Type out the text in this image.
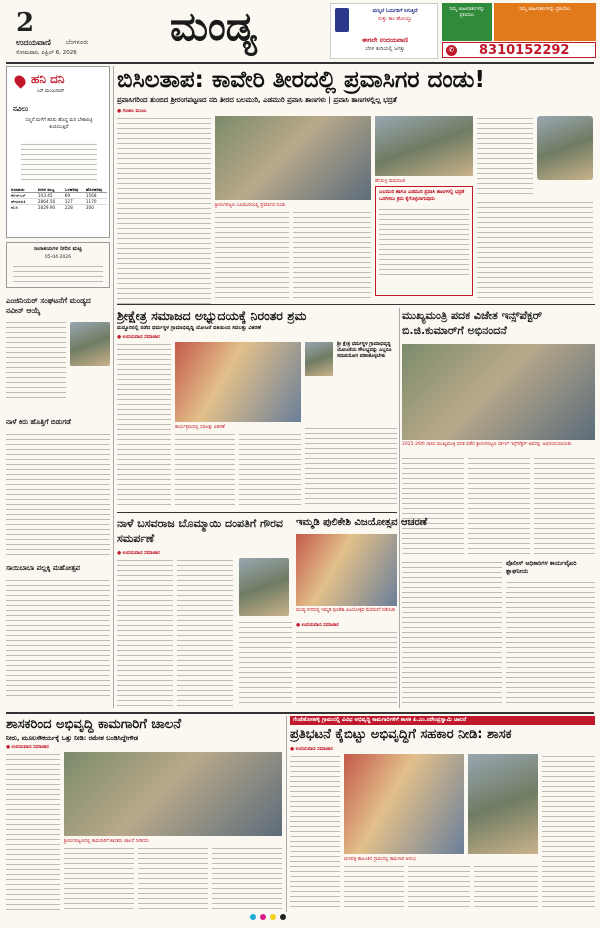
2
ಉದಯವಾಣಿ	ಬೆಂಗಳೂರು
ಸೋಮವಾರ, ಏಪ್ರಿಲ್ 6, 2026
ಮಂಡ್ಯ	ಮನ್ಮಿಲೆ ಓದುಗರಿಗೆ ಸಿಗುತ್ತಿದೆ
ಸುತ್ತು ಕಾಂ ಹೋಯ್ತು
ಈಗಲೇ ಉದಯವಾಣಿ
ಬೆರಳ ತುದಿಯಲ್ಲಿ ಜಗತ್ತು
ನಿಮ್ಮ ಜಾಹೀರಾತುಗಳನ್ನು ಪ್ರಕಟಿಸಲು
ನಿಮ್ಮ ಜಾಹೀರಾತುಗಳನ್ನು ಪ್ರಕಟಿಸಲು
✆ 8310152292
ಹನಿ ದನಿ
ಎಸ್.ಮಂಜುನಾಥ್
ನವಿಲು
ಸಣ್ಣನೆ ಮಳೆಗೆ ಹಸಿರು ಹೊದ್ದ ಮನ ಬೇಕಾಬಿಟ್ಟಿ ಕುಣಿಯುತ್ತಿದೆ
ಜಲಾಶಯ	ನೀರಿನ ಮಟ್ಟ	ಒಳಹರಿವು	ಹೊರಹರಿವು
ಕೆಆರ್‌ಎಸ್	103.45	69	1568
ಹೇಮಾವತಿ	2864.56	127	1170
ಕಬಿನಿ	2829.90	228	200
ಜಲಾಶಯಗಳ ನೀರಿನ ಮಟ್ಟ
05-04-2026
ಎಂಜಿನಿಯರ್ ಸಂಘಟನೆಗೆ ಮಂಡ್ಯದ ನವೀನ್ ಆಯ್ಕೆ
ನಾಳೆ ಕಿರು ಹೊತ್ತಿಗೆ ಬಿಡುಗಡೆ
ಸಾಯಿಬಾಬಾ ಪಲ್ಲಕ್ಕಿ ಮಹೋತ್ಸವ
ಬಿಸಿಲತಾಪ: ಕಾವೇರಿ ತೀರದಲ್ಲಿ ಪ್ರವಾಸಿಗರ ದಂಡು!
ಪ್ರವಾಸಿಗರಿಂದ ತುಂಬಿದ ಶ್ರೀರಂಗಪಟ್ಟಣದ ನದಿ ತೀರದ ಬಲಮುರಿ, ಎಡಮುರಿ ಪ್ರವಾಸಿ ತಾಣಗಳು | ಪ್ರವಾಸಿ ತಾಣಗಳಲ್ಲಿಲ್ಲ ಭದ್ರತೆ
● ಗಂಜಾಂ ಮಂಜು
ಶ್ರೀರಂಗಪಟ್ಟಣ ಬಲಮುರಿಯಲ್ಲಿ ಪ್ರವಾಸಿಗರ ದಂಡು
ಹೆಸರುಳ್ಳ ನಾಮಫಲಕ
ಬಲಮುರಿ ಹಾಗೂ ಎಡಮುರಿ ಪ್ರವಾಸಿ ತಾಣಗಳಲ್ಲಿ ಭದ್ರತೆ ಒದಗಿಸಲು ಕ್ರಮ ಕೈಗೊಳ್ಳಲಾಗುವುದು
ಶ್ರೀಕ್ಷೇತ್ರ ಸಮಾಜದ ಅಭ್ಯುದಯಕ್ಕೆ ನಿರಂತರ ಶ್ರಮ
ಮದ್ದೂರಿನಲ್ಲಿ ನಡೆದ ಧರ್ಮಸ್ಥಳ ಗ್ರಾಮಾಭಿವೃದ್ಧಿ ಯೋಜನೆ ವತಿಯಿಂದ ಸವಲತ್ತು ವಿತರಣೆ
● ಉದಯವಾಣಿ ಸಮಾಚಾರ
ಕಾರ್ಯಕ್ರಮದಲ್ಲಿ ಸವಲತ್ತು ವಿತರಣೆ
ಶ್ರೀ ಕ್ಷೇತ್ರ ಧರ್ಮಸ್ಥಳ ಗ್ರಾಮಾಭಿವೃದ್ಧಿ ಯೋಜನೆಯ ಸೌಲಭ್ಯವನ್ನು ಎಲ್ಲರೂ ಸದುಪಯೋಗ ಪಡಿಸಿಕೊಳ್ಳಬೇಕು
ಮುಖ್ಯಮಂತ್ರಿ ಪದಕ ವಿಜೇತ ಇನ್ಸ್‌ಪೆಕ್ಟರ್ ಬಿ.ಜಿ.ಕುಮಾರ್‌ಗೆ ಅಭಿನಂದನೆ
2025-26ನೇ ಸಾಲಿನ ಮುಖ್ಯಮಂತ್ರಿ ಪದಕ ಪಡೆದ ಶ್ರೀರಂಗಪಟ್ಟಣ ಸರ್ಕಲ್ ಇನ್ಸ್‌ಪೆಕ್ಟರ್ ಅವರನ್ನು ಅಭಿನಂದಿಸಲಾಯಿತು
ಪೊಲೀಸ್ ಅಧಿಕಾರಿಗಳ ಕಾರ್ಯವೈಖರಿ ಶ್ಲಾಘನೀಯ
ನಾಳೆ ಬಸವರಾಜ ಬೊಮ್ಮಾಯಿ ದಂಪತಿಗೆ ಗೌರವ ಸಮರ್ಪಣೆ
● ಉದಯವಾಣಿ ಸಮಾಚಾರ
ಇಮ್ಮಡಿ ಪುಲಿಕೇಶಿ ವಿಜಯೋತ್ಸವ ಆಚರಣೆ
ಮಂಡ್ಯ ನಗರದಲ್ಲಿ ಇಮ್ಮಡಿ ಪುಲಿಕೇಶಿ ವಿಜಯೋತ್ಸವ ಮೆರವಣಿಗೆ ನಡೆಯಿತು
● ಉದಯವಾಣಿ ಸಮಾಚಾರ
ಶಾಸಕರಿಂದ ಅಭಿವೃದ್ಧಿ ಕಾಮಗಾರಿಗೆ ಚಾಲನೆ
ನೀರು, ಮೂಲಸೌಕರ್ಯಕ್ಕೆ ಒತ್ತು ನೀಡಿ: ರಮೇಶ ಬಂಡಿಸಿದ್ದೇಗೌಡ
● ಉದಯವಾಣಿ ಸಮಾಚಾರ
ಶ್ರೀರಂಗಪಟ್ಟಣದಲ್ಲಿ ಕಾಮಗಾರಿಗೆ ಶಾಸಕರು ಚಾಲನೆ ನೀಡಿದರು
ಗೆಂಡೆಹೊಸಹಳ್ಳಿ ಗ್ರಾಮದಲ್ಲಿ ವಿವಿಧ ಅಭಿವೃದ್ಧಿ ಕಾಮಗಾರಿಗಳಿಗೆ ಶಾಸಕ ಪಿ.ಎಂ.ನರೇಂದ್ರಸ್ವಾಮಿ ಚಾಲನೆ
ಪ್ರತಿಭಟನೆ ಕೈಬಿಟ್ಟು ಅಭಿವೃದ್ಧಿಗೆ ಸಹಕಾರ ನೀಡಿ: ಶಾಸಕ
● ಉದಯವಾಣಿ ಸಮಾಚಾರ
ಮಳವಳ್ಳಿ ತಾಲೂಕಿನ ಗ್ರಾಮದಲ್ಲಿ ಕಾಮಗಾರಿ ಆರಂಭ
